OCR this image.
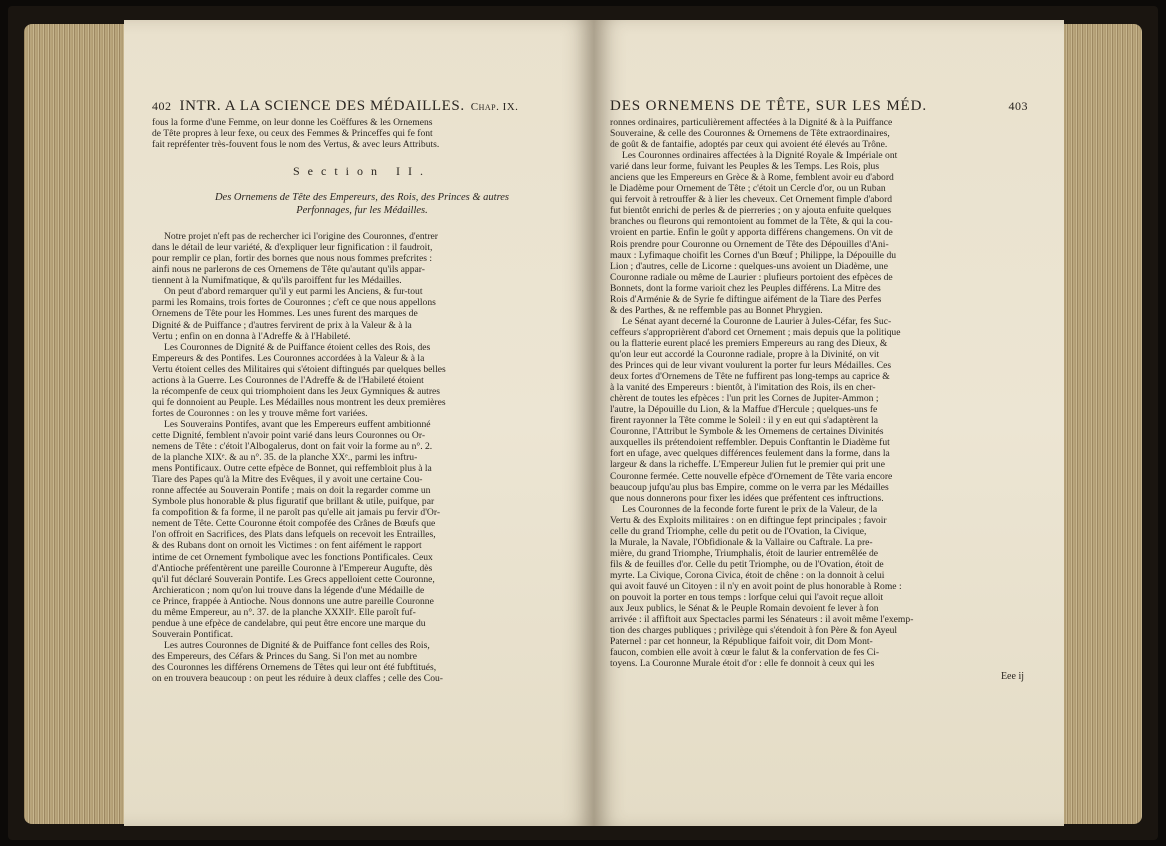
402 INTR. A LA SCIENCE DES MÉDAILLES. Chap. IX.

fous la forme d'une Femme, on leur donne les Coëffures & les Ornemens
de Tête propres à leur fexe, ou ceux des Femmes & Princeffes qui fe font
fait repréfenter très-fouvent fous le nom des Vertus, & avec leurs Attributs.

Section II.
Des Ornemens de Tête des Empereurs, des Rois, des Princes & autres
Perfonnages, fur les Médailles.

Notre projet n'eft pas de rechercher ici l'origine des Couronnes, d'entrer
dans le détail de leur variété, & d'expliquer leur fignification : il faudroit,
pour remplir ce plan, fortir des bornes que nous nous fommes prefcrites :
ainfi nous ne parlerons de ces Ornemens de Tête qu'autant qu'ils appar-
tiennent à la Numifmatique, & qu'ils paroiffent fur les Médailles.

On peut d'abord remarquer qu'il y eut parmi les Anciens, & fur-tout
parmi les Romains, trois fortes de Couronnes ; c'eft ce que nous appellons
Ornemens de Tête pour les Hommes. Les unes furent des marques de
Dignité & de Puiffance ; d'autres fervirent de prix à la Valeur & à la
Vertu ; enfin on en donna à l'Adreffe & à l'Habileté.

Les Couronnes de Dignité & de Puiffance étoient celles des Rois, des
Empereurs & des Pontifes. Les Couronnes accordées à la Valeur & à la
Vertu étoient celles des Militaires qui s'étoient diftingués par quelques belles
actions à la Guerre. Les Couronnes de l'Adreffe & de l'Habileté étoient
la récompenfe de ceux qui triomphoient dans les Jeux Gymniques & autres
qui fe donnoient au Peuple. Les Médailles nous montrent les deux premières
fortes de Couronnes : on les y trouve même fort variées.

Les Souverains Pontifes, avant que les Empereurs euffent ambitionné
cette Dignité, femblent n'avoir point varié dans leurs Couronnes ou Or-
nemens de Tête : c'étoit l'Albogalerus, dont on fait voir la forme au n°. 2.
de la planche XIXᵉ. & au n°. 35. de la planche XXᵉ., parmi les inftru-
mens Pontificaux. Outre cette efpèce de Bonnet, qui reffembloit plus à la
Tiare des Papes qu'à la Mitre des Evêques, il y avoit une certaine Cou-
ronne affectée au Souverain Pontife ; mais on doit la regarder comme un
Symbole plus honorable & plus figuratif que brillant & utile, puifque, par
fa compofition & fa forme, il ne paroît pas qu'elle ait jamais pu fervir d'Or-
nement de Tête. Cette Couronne étoit compofée des Crânes de Bœufs que
l'on offroit en Sacrifices, des Plats dans lefquels on recevoit les Entrailles,
& des Rubans dont on ornoit les Victimes : on fent aifément le rapport
intime de cet Ornement fymbolique avec les fonctions Pontificales. Ceux
d'Antioche préfentèrent une pareille Couronne à l'Empereur Augufte, dès
qu'il fut déclaré Souverain Pontife. Les Grecs appelloient cette Couronne,
Archieraticon ; nom qu'on lui trouve dans la légende d'une Médaille de
ce Prince, frappée à Antioche. Nous donnons une autre pareille Couronne
du même Empereur, au n°. 37. de la planche XXXIIᵉ. Elle paroît fuf-
pendue à une efpèce de candelabre, qui peut être encore une marque du
Souverain Pontificat.

Les autres Couronnes de Dignité & de Puiffance font celles des Rois,
des Empereurs, des Céfars & Princes du Sang. Si l'on met au nombre
des Couronnes les différens Ornemens de Têtes qui leur ont été fubftitués,
on en trouvera beaucoup : on peut les réduire à deux claffes ; celle des Cou-

DES ORNEMENS DE TÊTE, SUR LES MÉD.	403

ronnes ordinaires, particulièrement affectées à la Dignité & à la Puiffance
Souveraine, & celle des Couronnes & Ornemens de Tête extraordinaires,
de goût & de fantaifie, adoptés par ceux qui avoient été élevés au Trône.

Les Couronnes ordinaires affectées à la Dignité Royale & Impériale ont
varié dans leur forme, fuivant les Peuples & les Temps. Les Rois, plus
anciens que les Empereurs en Grèce & à Rome, femblent avoir eu d'abord
le Diadème pour Ornement de Tête ; c'étoit un Cercle d'or, ou un Ruban
qui fervoit à retrouffer & à lier les cheveux. Cet Ornement fimple d'abord
fut bientôt enrichi de perles & de pierreries ; on y ajouta enfuite quelques
branches ou fleurons qui remontoient au fommet de la Tête, & qui la cou-
vroient en partie. Enfin le goût y apporta différens changemens. On vit de
Rois prendre pour Couronne ou Ornement de Tête des Dépouilles d'Ani-
maux : Lyfimaque choifit les Cornes d'un Bœuf ; Philippe, la Dépouille du
Lion ; d'autres, celle de Licorne : quelques-uns avoient un Diadème, une
Couronne radiale ou même de Laurier : plufieurs portoient des efpèces de
Bonnets, dont la forme varioit chez les Peuples différens. La Mitre des
Rois d'Arménie & de Syrie fe diftingue aifément de la Tiare des Perfes
& des Parthes, & ne reffemble pas au Bonnet Phrygien.

Le Sénat ayant decerné la Couronne de Laurier à Jules-Céfar, fes Suc-
ceffeurs s'approprièrent d'abord cet Ornement ; mais depuis que la politique
ou la flatterie eurent placé les premiers Empereurs au rang des Dieux, &
qu'on leur eut accordé la Couronne radiale, propre à la Divinité, on vit
des Princes qui de leur vivant voulurent la porter fur leurs Médailles. Ces
deux fortes d'Ornemens de Tête ne fuffirent pas long-temps au caprice &
à la vanité des Empereurs : bientôt, à l'imitation des Rois, ils en cher-
chèrent de toutes les efpèces : l'un prit les Cornes de Jupiter-Ammon ;
l'autre, la Dépouille du Lion, & la Maffue d'Hercule ; quelques-uns fe
firent rayonner la Tête comme le Soleil : il y en eut qui s'adaptèrent la
Couronne, l'Attribut le Symbole & les Ornemens de certaines Divinités
auxquelles ils prétendoient reffembler. Depuis Conftantin le Diadème fut
fort en ufage, avec quelques différences feulement dans la forme, dans la
largeur & dans la richeffe. L'Empereur Julien fut le premier qui prit une
Couronne fermée. Cette nouvelle efpèce d'Ornement de Tête varia encore
beaucoup jufqu'au plus bas Empire, comme on le verra par les Médailles
que nous donnerons pour fixer les idées que préfentent ces inftructions.

Les Couronnes de la feconde forte furent le prix de la Valeur, de la
Vertu & des Exploits militaires : on en diftingue fept principales ; favoir
celle du grand Triomphe, celle du petit ou de l'Ovation, la Civique,
la Murale, la Navale, l'Obfidionale & la Vallaire ou Caftrale. La pre-
mière, du grand Triomphe, Triumphalis, étoit de laurier entremêlée de
fils & de feuilles d'or. Celle du petit Triomphe, ou de l'Ovation, étoit de
myrte. La Civique, Corona Civica, étoit de chêne : on la donnoit à celui
qui avoit fauvé un Citoyen : il n'y en avoit point de plus honorable à Rome :
on pouvoit la porter en tous temps : lorfque celui qui l'avoit reçue alloit
aux Jeux publics, le Sénat & le Peuple Romain devoient fe lever à fon
arrivée : il affiftoit aux Spectacles parmi les Sénateurs : il avoit même l'exemp-
tion des charges publiques ; privilège qui s'étendoit à fon Père & fon Ayeul
Paternel : par cet honneur, la République faifoit voir, dit Dom Mont-
faucon, combien elle avoit à cœur le falut & la confervation de fes Ci-
toyens. La Couronne Murale étoit d'or : elle fe donnoit à ceux qui les

Eee ij
